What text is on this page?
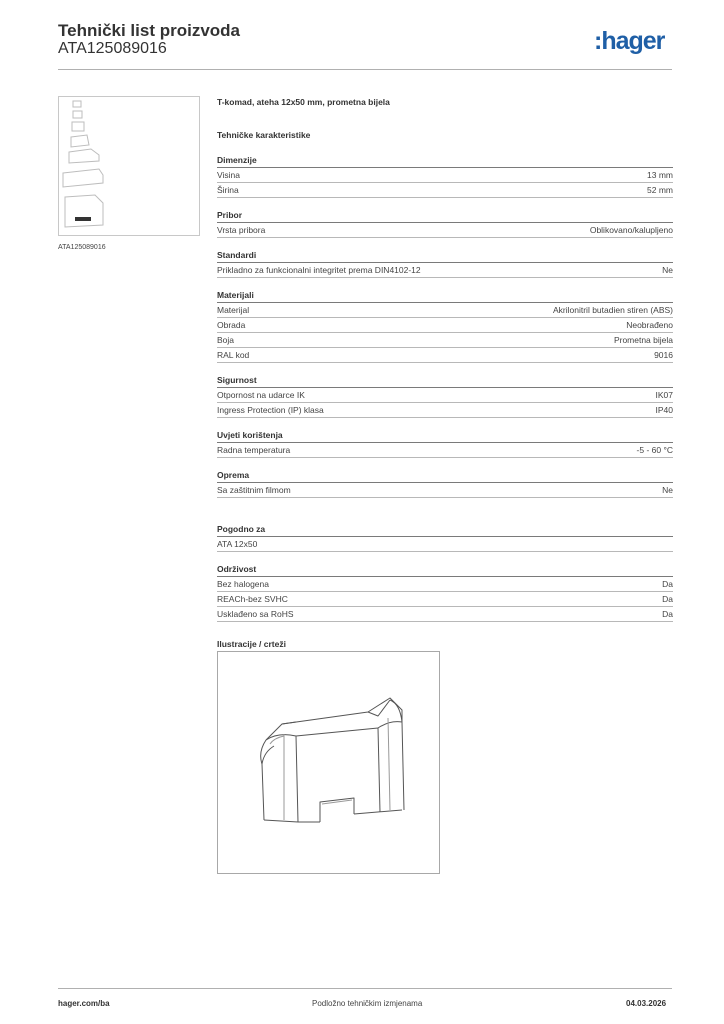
Tehnički list proizvoda
ATA125089016	:hager
ATA125089016
T-komad, ateha 12x50 mm, prometna bijela
Tehničke karakteristike
Dimenzije
Visina	13 mm
Širina	52 mm
Pribor
Vrsta pribora	Oblikovano/kalupljeno
Standardi
Prikladno za funkcionalni integritet prema DIN4102-12	Ne
Materijali
Materijal	Akrilonitril butadien stiren (ABS)
Obrada	Neobrađeno
Boja	Prometna bijela
RAL kod	9016
Sigurnost
Otpornost na udarce IK	IK07
Ingress Protection (IP) klasa	IP40
Uvjeti korištenja
Radna temperatura	-5 - 60 °C
Oprema
Sa zaštitnim filmom	Ne
Pogodno za
ATA 12x50
Održivost
Bez halogena	Da
REACh-bez SVHC	Da
Usklađeno sa RoHS	Da
Ilustracije / crteži
hager.com/ba	Podložno tehničkim izmjenama	04.03.2026
